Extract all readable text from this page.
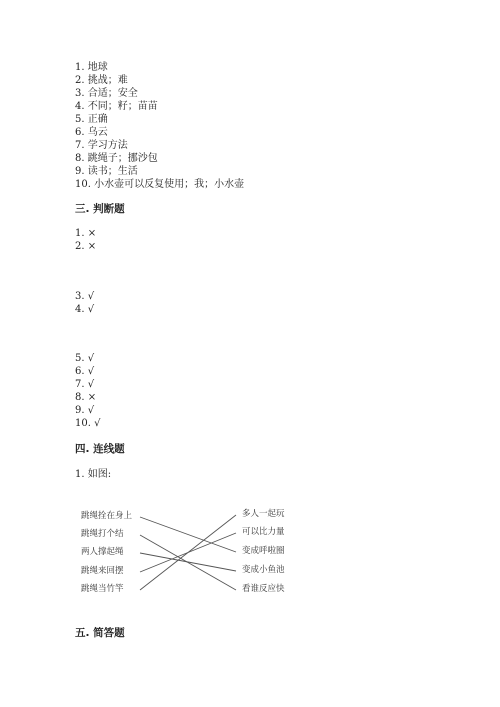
1. 地球
2. 挑战；难
3. 合适；安全
4. 不同；籽；苗苗
5. 正确
6. 乌云
7. 学习方法
8. 跳绳子；挪沙包
9. 读书；生活
10. 小水壶可以反复使用；我；小水壶
三. 判断题
1. ×
2. ×
3. √
4. √
5. √
6. √
7. √
8. ×
9. √
10. √
四. 连线题
1. 如图:
跳绳拴在身上
跳绳打个结
两人撑起绳
跳绳来回摆
跳绳当竹竿
多人一起玩
可以比力量
变成呼啦圈
变成小鱼池
看谁反应快
五. 简答题
